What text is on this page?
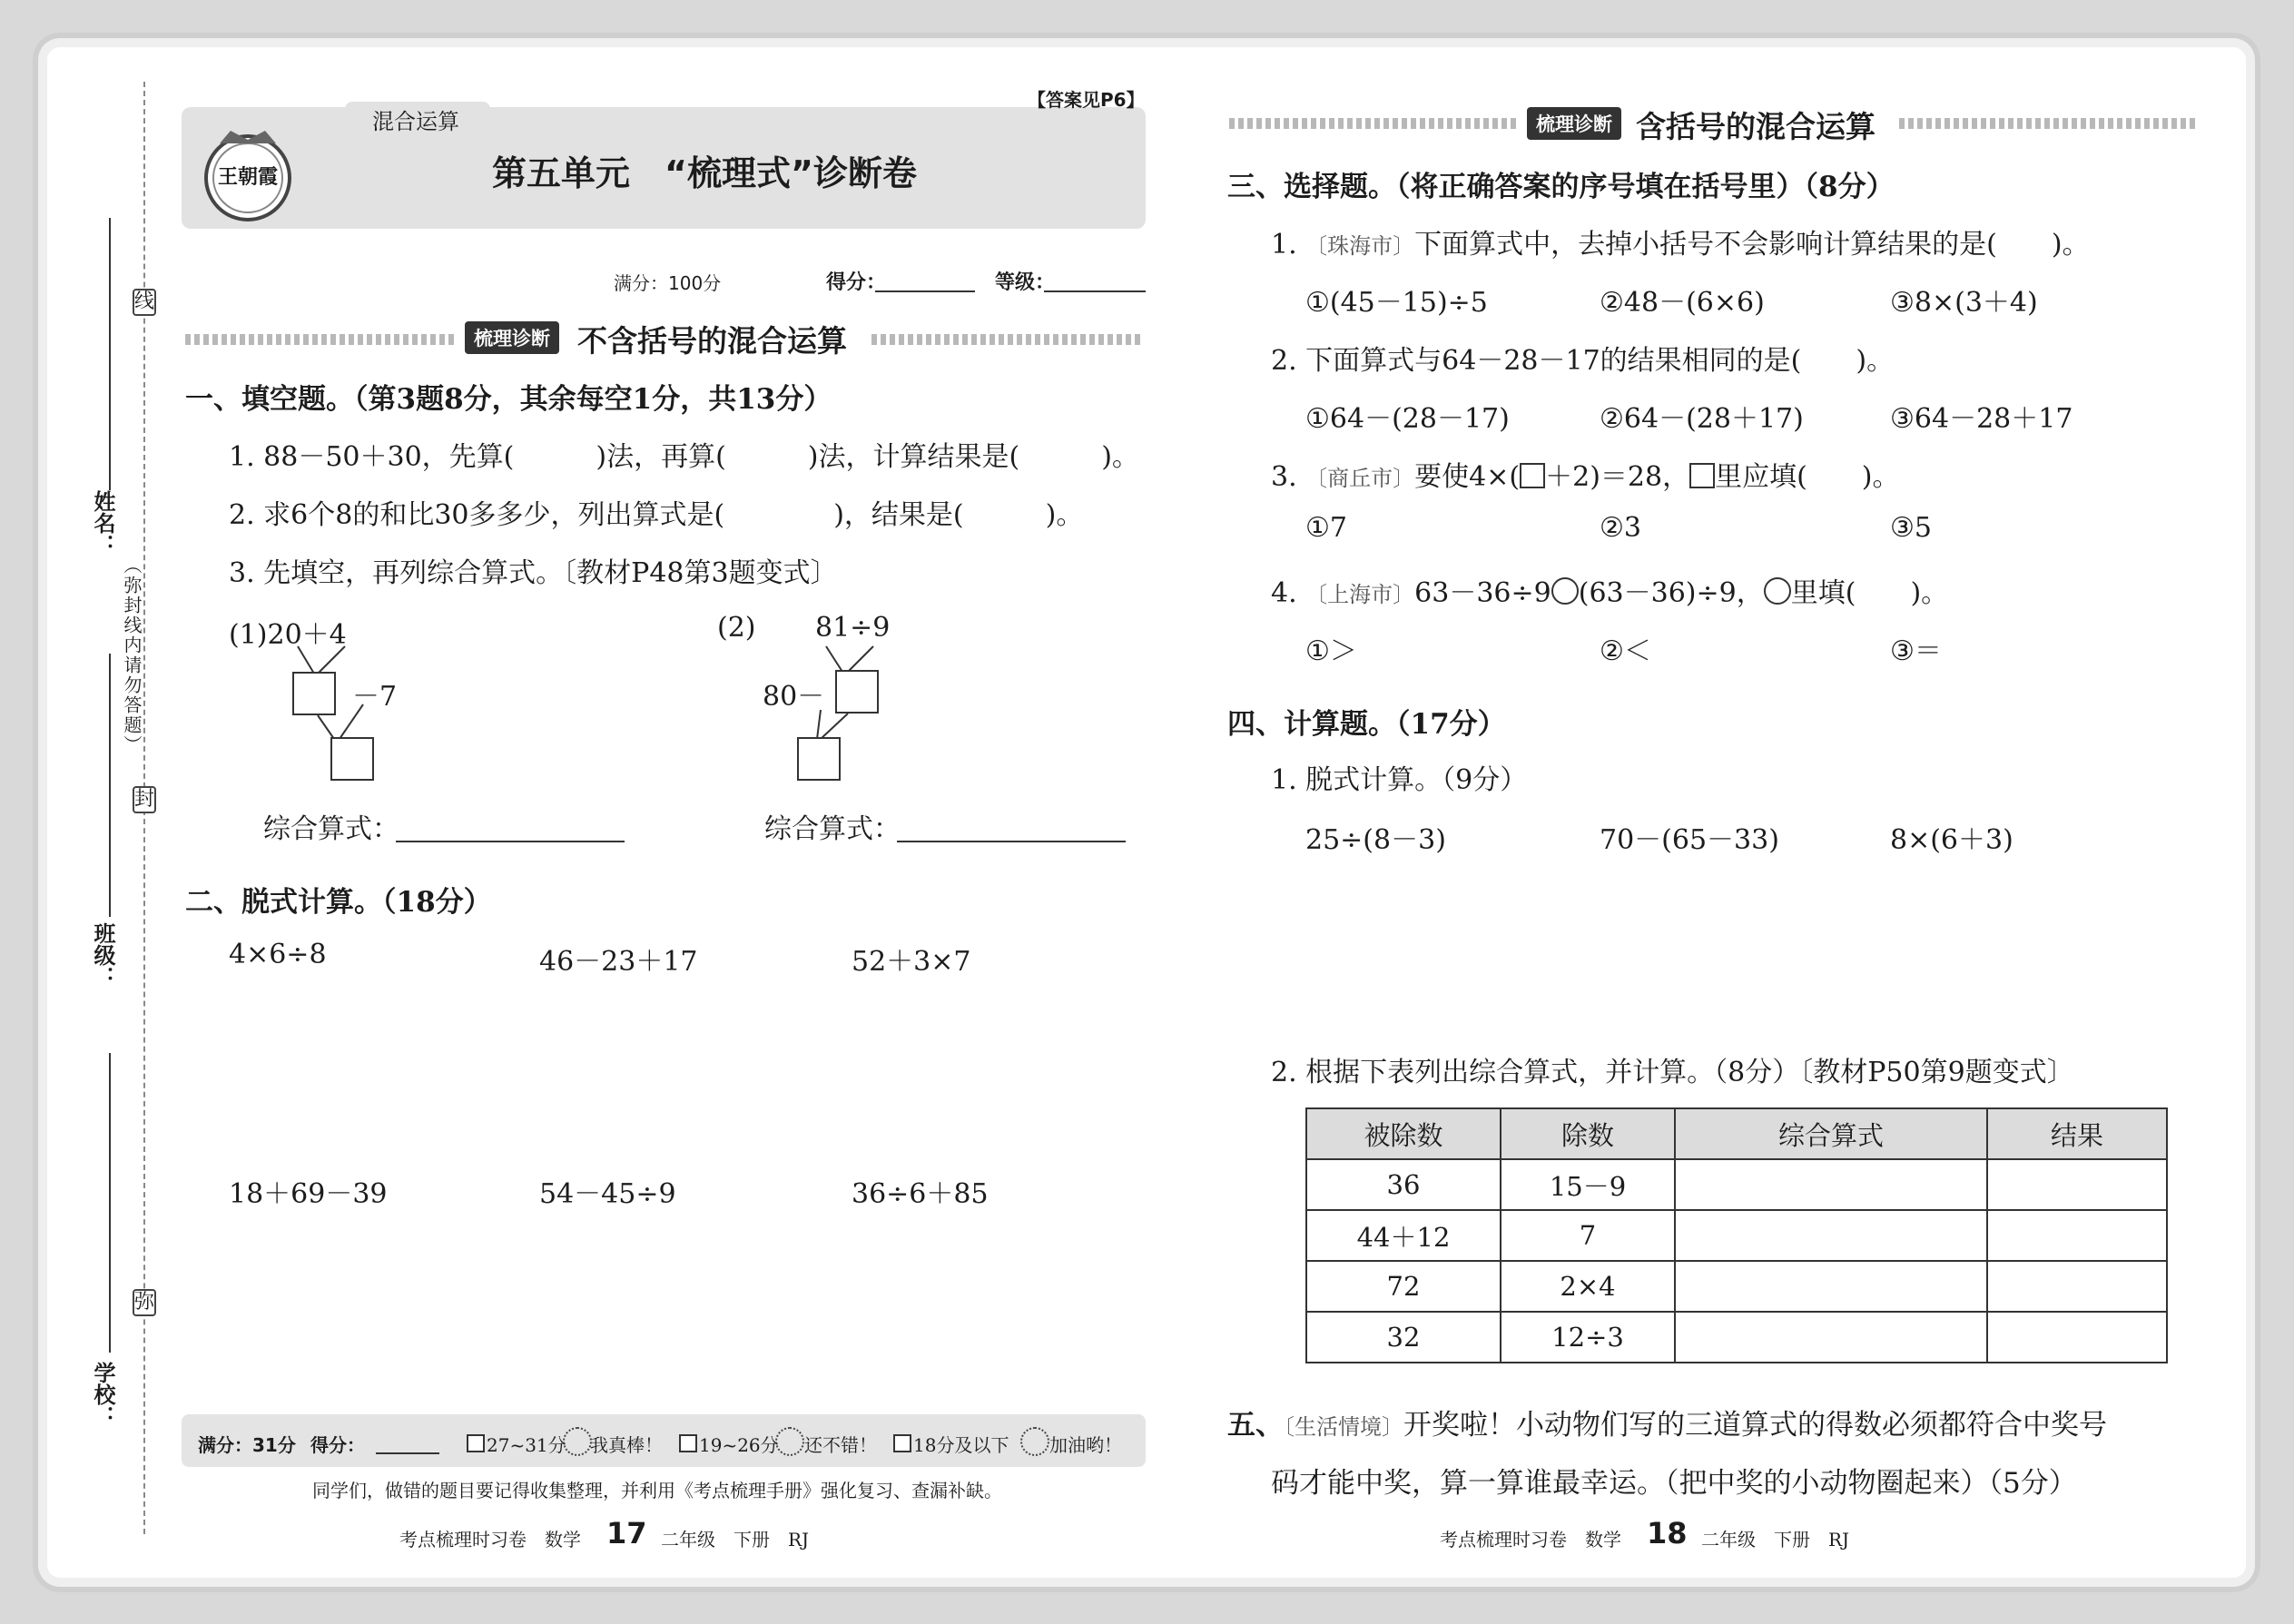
线
姓名：
（弥封线内请勿答题）
封
班级：
弥
学校：
混合运算
【答案见P6】
王朝霞	第五单元　“梳理式”诊断卷
满分：100分	得分：	等级：
梳理诊断 不含括号的混合运算
一、填空题。（第3题8分，其余每空1分，共13分）
1. 88－50＋30，先算(　　　)法，再算(　　　)法，计算结果是(　　　)。
2. 求6个8的和比30多多少，列出算式是(　　　　)，结果是(　　　)。
3. 先填空，再列综合算式。〔教材P48第3题变式〕
(1)20＋4
－7
综合算式：
(2) 81÷9
80－
综合算式：
二、脱式计算。（18分）
4×6÷8	46－23＋17	52＋3×7
18＋69－39	54－45÷9	36÷6＋85
满分：31分 得分：	27~31分 我真棒！ 19~26分 还不错！ 18分及以下 加油哟！
同学们，做错的题目要记得收集整理，并利用《考点梳理手册》强化复习、查漏补缺。
考点梳理时习卷　数学 17 二年级　下册　RJ
梳理诊断 含括号的混合运算
三、选择题。（将正确答案的序号填在括号里）（8分）
1. 〔珠海市〕下面算式中，去掉小括号不会影响计算结果的是(　　)。
①(45－15)÷5	②48－(6×6)	③8×(3＋4)
2. 下面算式与64－28－17的结果相同的是(　　)。
①64－(28－17)	②64－(28＋17)	③64－28＋17
3. 〔商丘市〕要使4×( ＋2)＝28， 里应填(　　)。
①7	②3	③5
4. 〔上海市〕63－36÷9 (63－36)÷9， 里填(　　)。
①＞	②＜	③＝
四、计算题。（17分）
1. 脱式计算。（9分）
25÷(8－3)	70－(65－33)	8×(6＋3)
2. 根据下表列出综合算式，并计算。（8分）〔教材P50第9题变式〕
被除数	除数	综合算式	结果
36	15－9		
44＋12	7		
72	2×4		
32	12÷3		
五、〔生活情境〕开奖啦！小动物们写的三道算式的得数必须都符合中奖号
码才能中奖，算一算谁最幸运。（把中奖的小动物圈起来）（5分）
考点梳理时习卷　数学 18 二年级　下册　RJ
